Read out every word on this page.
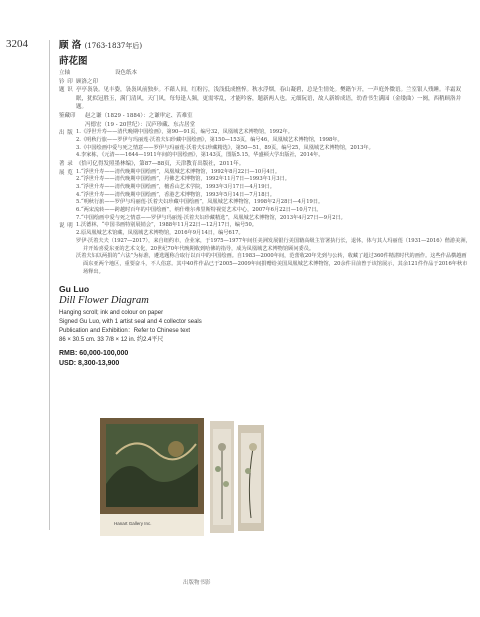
3204	顾 洛 (1763-1837年后)
莳花图
立轴	设色纸本
钤 印 顾洛之印
题 识 亭亭袅袅。见丰姿，袅袅风前独步。不藉人间，红粉污，浅浅低成憔悴。秋水浮烟，春山凝碧，总是生情处。樊籍乍开，一声庭外微语。兰室银人残睡。半霜双眠，犹似冠胜玉，满门清风，天门风，每每逢人频，更需零乱，才能吟客，题新两人也。元细阮语，故人新娇成语，幼香书生满园（金缕曲）一阕，西稍顾洛并题。
鉴藏印	赵之谦（1829 - 1884）：之谦审定、苦难室
冯德宏（19 - 20世纪）：汉庐珍藏、东古居堂
出 版 1.《浮世升寿——清代晚期中国绘画》，第90—91页，编号32，凤凰城艺术博物馆，1992年。
2.《明秋行旅——罗伊与玛丽莲·沃着夫妇珍藏中国绘画》，第150—153页，编号46，凤凰城艺术博物馆，1998年。
3.《中国绘画中爱与死之情意——罗伊与玛丽莲·沃着夫妇珍藏精选》，第50—51，89页，编号25，凤凰城艺术博物馆，2013年。
4.李家栋，《元清——1644—1911年间的中国绘画》，第143页，图版5.15，华盛顿大学出版社，2014年。
著 录 《恰可亿得发照墨林编》，第87—88页，天津教育出版社，2011年。
展 览 1.“浮世升寿——清代晚期中国绘画”，凤凰城艺术博物馆，1992年8月22日—10月4日。
2.“浮世升寿——清代晚期中国绘画”，丹佛艺术博物馆，1992年11月7日—1993年1月3日。
3.“浮世升寿——清代晚期中国绘画”，檀香山艺术学院，1993年3月17日—4月19日。
4.“浮世升寿——清代晚期中国绘画”，香港艺术博物馆，1993年5月14日—7月18日。
5.“明秋行旅——罗伊与玛丽莲·沃着夫妇珍藏中国绘画”，凤凰城艺术博物馆，1998年2月28日—4月19日。
6.“两宋流转——跨越时百年的中国绘画”，纳什维尔弗里斯特视觉艺术中心，2007年6月22日—10月7日。
7.“中国绘画中爱与死之情意——罗伊与玛丽莲·沃着夫妇珍藏精选”，凤凰城艺术博物馆，2013年4月27日—9月2日。
说 明 1.沃德林，“中国书画特别展销会”，1988年11月22日—12月17日，编号50。
2.原凤凰城艺术馆藏，凤凰城艺术博物馆，2016年9月14日，编号617。
罗伊·沃着夫夫（1927—2017），来自纽约市，企业家，于1975—1977年间任美洲发展银行美国籍高级主管署执行长，退休，体与其人玛丽莲（1931—2016）偕游美洲，并开始喜爱东亚的艺术文化，20世纪70年代晚期收到哈佛的指导，成为凤凰城艺术博物馆顾问委员。
沃着夫妇以两捐的“六法”为标准，遴选题称合取行以百中的中国绘画。自1983—2000年间，范蕾收20年先到与公转，收藏了超过360件精湛时代的画作。这些作品横越画面东亚两个地区，重要奋斗，不人俗意。其中40件作品已于2005—2009年间捐赠给美国凤凰城艺术博物馆，20余件目前曾于该馆展示，其余121件作品于2016年秋市场释出。
Gu Luo
Dill Flower Diagram
Hanging scroll; ink and colour on paper
Signed Gu Luo, with 1 artist seal and 4 collector seals
Publication and Exhibition：Refer to Chinese text
86 × 30.5 cm. 33 7/8 × 12 in. 约2.4平尺
RMB: 60,000-100,000
USD: 8,300-13,900
Hanart Gallery Inc.
出版物书影
